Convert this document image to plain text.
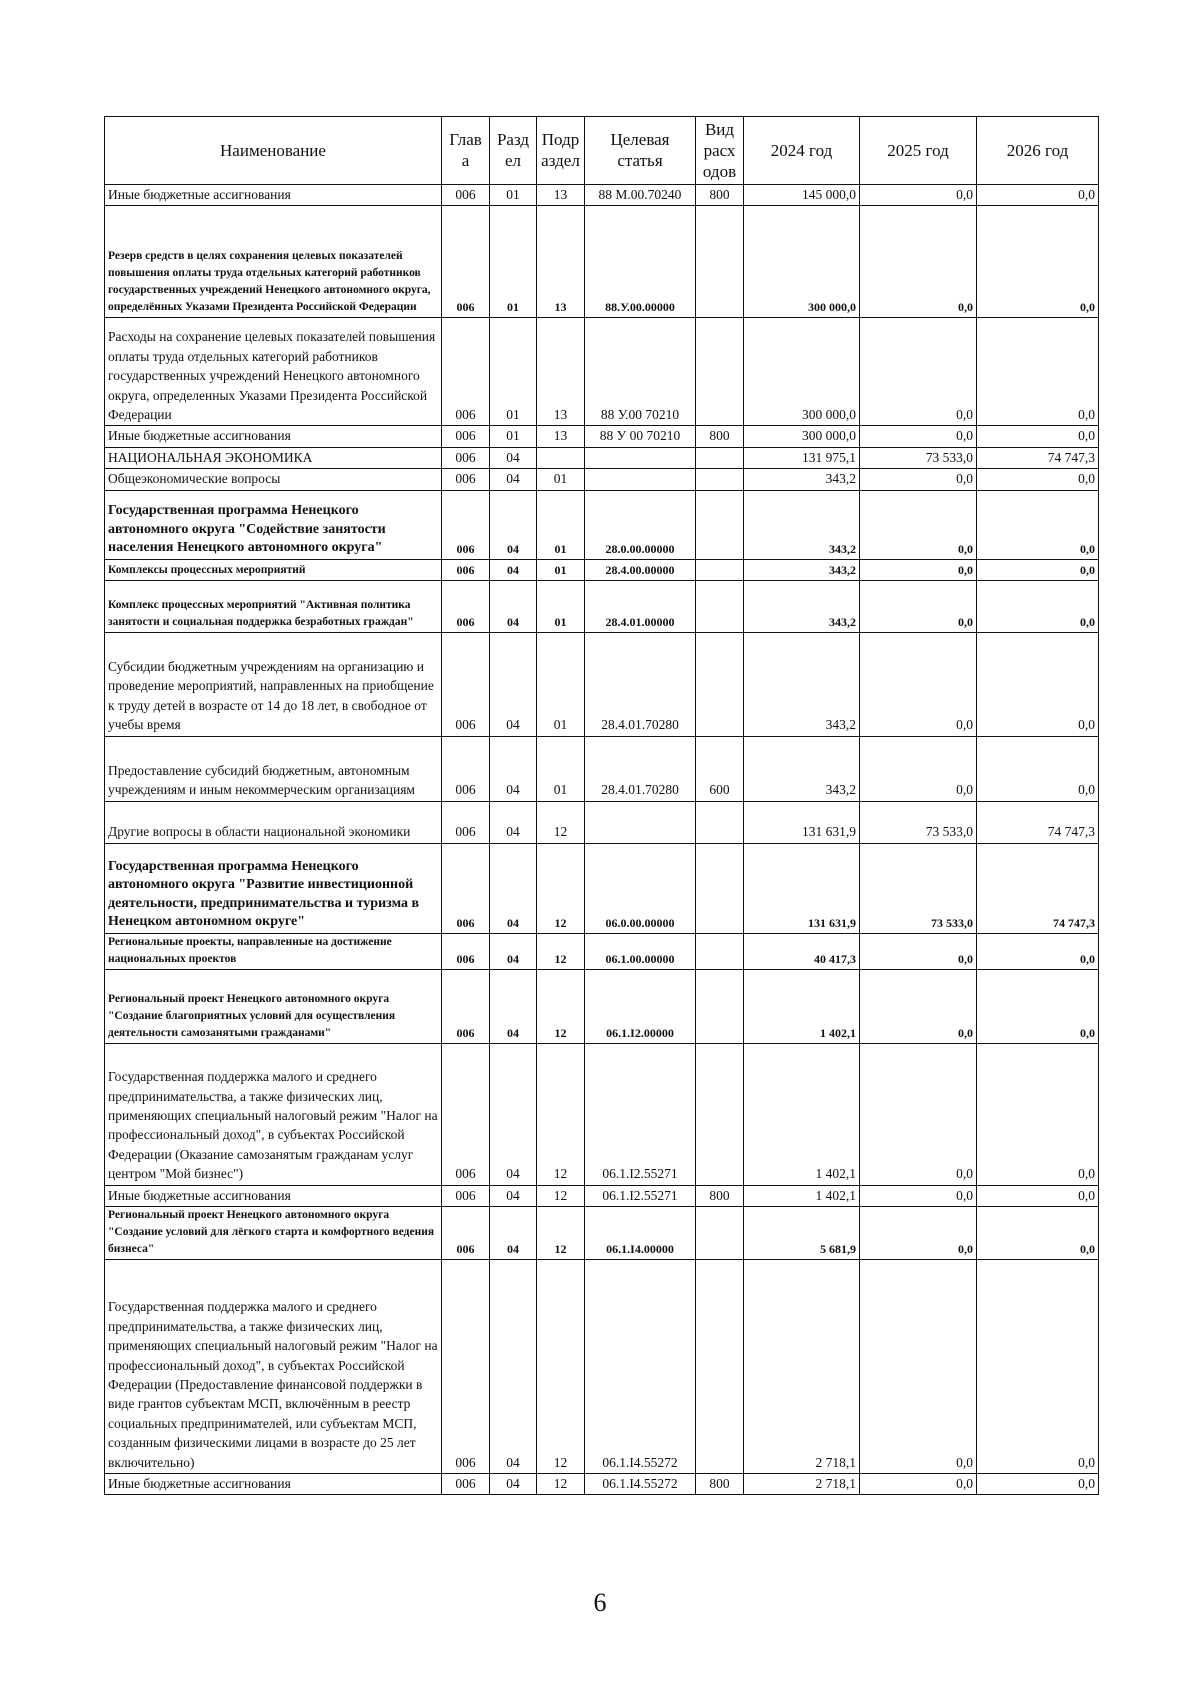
Наименование	Глав а	Разд ел	Подр аздел	Целевая статья	Вид расх одов	2024 год	2025 год	2026 год
Иные бюджетные ассигнования	006	01	13	88 М.00.70240	800	145 000,0	0,0	0,0
Резерв средств в целях сохранения целевых показателей повышения оплаты труда отдельных категорий работников государственных учреждений Ненецкого автономного округа, определённых Указами Президента Российской Федерации	006	01	13	88.У.00.00000		300 000,0	0,0	0,0
Расходы на сохранение целевых показателей повышения оплаты труда отдельных категорий работников государственных учреждений Ненецкого автономного округа, определенных Указами Президента Российской Федерации	006	01	13	88 У.00 70210		300 000,0	0,0	0,0
Иные бюджетные ассигнования	006	01	13	88 У 00 70210	800	300 000,0	0,0	0,0
НАЦИОНАЛЬНАЯ ЭКОНОМИКА	006	04				131 975,1	73 533,0	74 747,3
Общеэкономические вопросы	006	04	01			343,2	0,0	0,0
Государственная программа Ненецкого автономного округа "Содействие занятости населения Ненецкого автономного округа"	006	04	01	28.0.00.00000		343,2	0,0	0,0
Комплексы процессных мероприятий	006	04	01	28.4.00.00000		343,2	0,0	0,0
Комплекс процессных мероприятий "Активная политика занятости и социальная поддержка безработных граждан"	006	04	01	28.4.01.00000		343,2	0,0	0,0
Субсидии бюджетным учреждениям на организацию и проведение мероприятий, направленных на приобщение к труду детей в возрасте от 14 до 18 лет, в свободное от учебы время	006	04	01	28.4.01.70280		343,2	0,0	0,0
Предоставление субсидий бюджетным, автономным учреждениям и иным некоммерческим организациям	006	04	01	28.4.01.70280	600	343,2	0,0	0,0
Другие вопросы в области национальной экономики	006	04	12			131 631,9	73 533,0	74 747,3
Государственная программа Ненецкого автономного округа "Развитие инвестиционной деятельности, предпринимательства и туризма в Ненецком автономном округе"	006	04	12	06.0.00.00000		131 631,9	73 533,0	74 747,3
Региональные проекты, направленные на достижение национальных проектов	006	04	12	06.1.00.00000		40 417,3	0,0	0,0
Региональный проект Ненецкого автономного округа "Создание благоприятных условий для осуществления деятельности самозанятыми гражданами"	006	04	12	06.1.I2.00000		1 402,1	0,0	0,0
Государственная поддержка малого и среднего предпринимательства, а также физических лиц, применяющих специальный налоговый режим "Налог на профессиональный доход", в субъектах Российской Федерации (Оказание самозанятым гражданам услуг центром "Мой бизнес")	006	04	12	06.1.I2.55271		1 402,1	0,0	0,0
Иные бюджетные ассигнования	006	04	12	06.1.I2.55271	800	1 402,1	0,0	0,0
Региональный проект Ненецкого автономного округа "Создание условий для лёгкого старта и комфортного ведения бизнеса"	006	04	12	06.1.I4.00000		5 681,9	0,0	0,0
Государственная поддержка малого и среднего предпринимательства, а также физических лиц, применяющих специальный налоговый режим "Налог на профессиональный доход", в субъектах Российской Федерации (Предоставление финансовой поддержки в виде грантов субъектам МСП, включённым в реестр социальных предпринимателей, или субъектам МСП, созданным физическими лицами в возрасте до 25 лет включительно)	006	04	12	06.1.I4.55272		2 718,1	0,0	0,0
Иные бюджетные ассигнования	006	04	12	06.1.I4.55272	800	2 718,1	0,0	0,0
6
